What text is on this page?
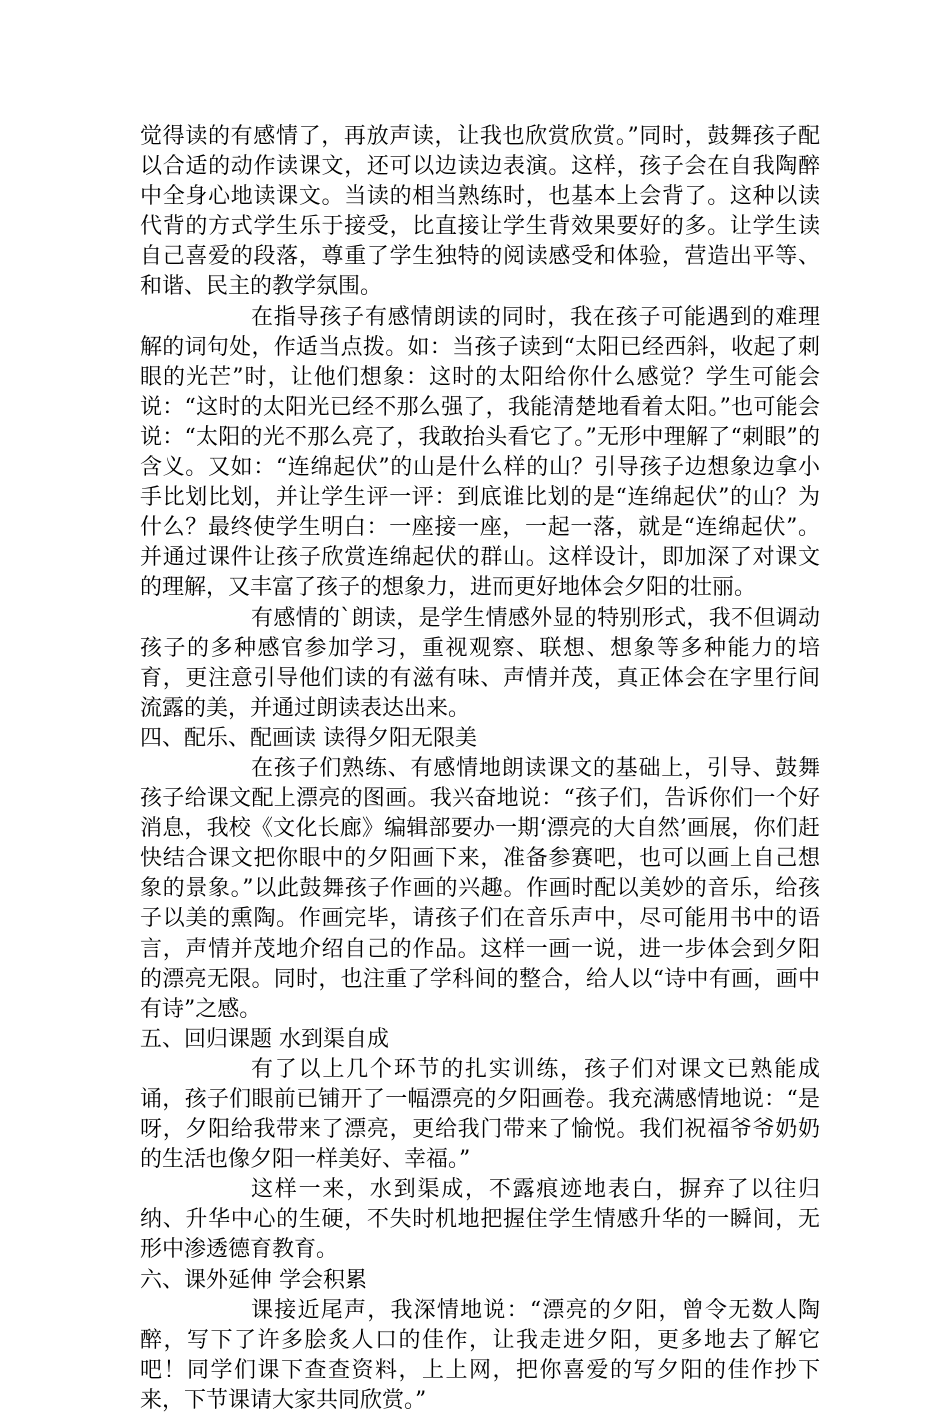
觉得读的有感情了，再放声读，让我也欣赏欣赏。”同时，鼓舞孩子配以合适的动作读课文，还可以边读边表演。这样，孩子会在自我陶醉中全身心地读课文。当读的相当熟练时，也基本上会背了。这种以读代背的方式学生乐于接受，比直接让学生背效果要好的多。让学生读自己喜爱的段落，尊重了学生独特的阅读感受和体验，营造出平等、和谐、民主的教学氛围。

在指导孩子有感情朗读的同时，我在孩子可能遇到的难理解的词句处，作适当点拨。如：当孩子读到“太阳已经西斜，收起了刺眼的光芒”时，让他们想象：这时的太阳给你什么感觉？学生可能会说：“这时的太阳光已经不那么强了，我能清楚地看着太阳。”也可能会说：“太阳的光不那么亮了，我敢抬头看它了。”无形中理解了“刺眼”的含义。又如：“连绵起伏”的山是什么样的山？引导孩子边想象边拿小手比划比划，并让学生评一评：到底谁比划的是“连绵起伏”的山？为什么？最终使学生明白：一座接一座，一起一落，就是“连绵起伏”。并通过课件让孩子欣赏连绵起伏的群山。这样设计，即加深了对课文的理解，又丰富了孩子的想象力，进而更好地体会夕阳的壮丽。

有感情的`朗读，是学生情感外显的特别形式，我不但调动孩子的多种感官参加学习，重视观察、联想、想象等多种能力的培育，更注意引导他们读的有滋有味、声情并茂，真正体会在字里行间流露的美，并通过朗读表达出来。

四、配乐、配画读 读得夕阳无限美

在孩子们熟练、有感情地朗读课文的基础上，引导、鼓舞孩子给课文配上漂亮的图画。我兴奋地说：“孩子们，告诉你们一个好消息，我校《文化长廊》编辑部要办一期‘漂亮的大自然’画展，你们赶快结合课文把你眼中的夕阳画下来，准备参赛吧，也可以画上自己想象的景象。”以此鼓舞孩子作画的兴趣。作画时配以美妙的音乐，给孩子以美的熏陶。作画完毕，请孩子们在音乐声中，尽可能用书中的语言，声情并茂地介绍自己的作品。这样一画一说，进一步体会到夕阳的漂亮无限。同时，也注重了学科间的整合，给人以“诗中有画，画中有诗”之感。

五、回归课题 水到渠自成

有了以上几个环节的扎实训练，孩子们对课文已熟能成诵，孩子们眼前已铺开了一幅漂亮的夕阳画卷。我充满感情地说：“是呀，夕阳给我带来了漂亮，更给我门带来了愉悦。我们祝福爷爷奶奶的生活也像夕阳一样美好、幸福。”

这样一来，水到渠成，不露痕迹地表白，摒弃了以往归纳、升华中心的生硬，不失时机地把握住学生情感升华的一瞬间，无形中渗透德育教育。

六、课外延伸 学会积累

课接近尾声，我深情地说：“漂亮的夕阳，曾令无数人陶醉，写下了许多脍炙人口的佳作，让我走进夕阳，更多地去了解它吧！同学们课下查查资料，上上网，把你喜爱的写夕阳的佳作抄下来，下节课请大家共同欣赏。”
